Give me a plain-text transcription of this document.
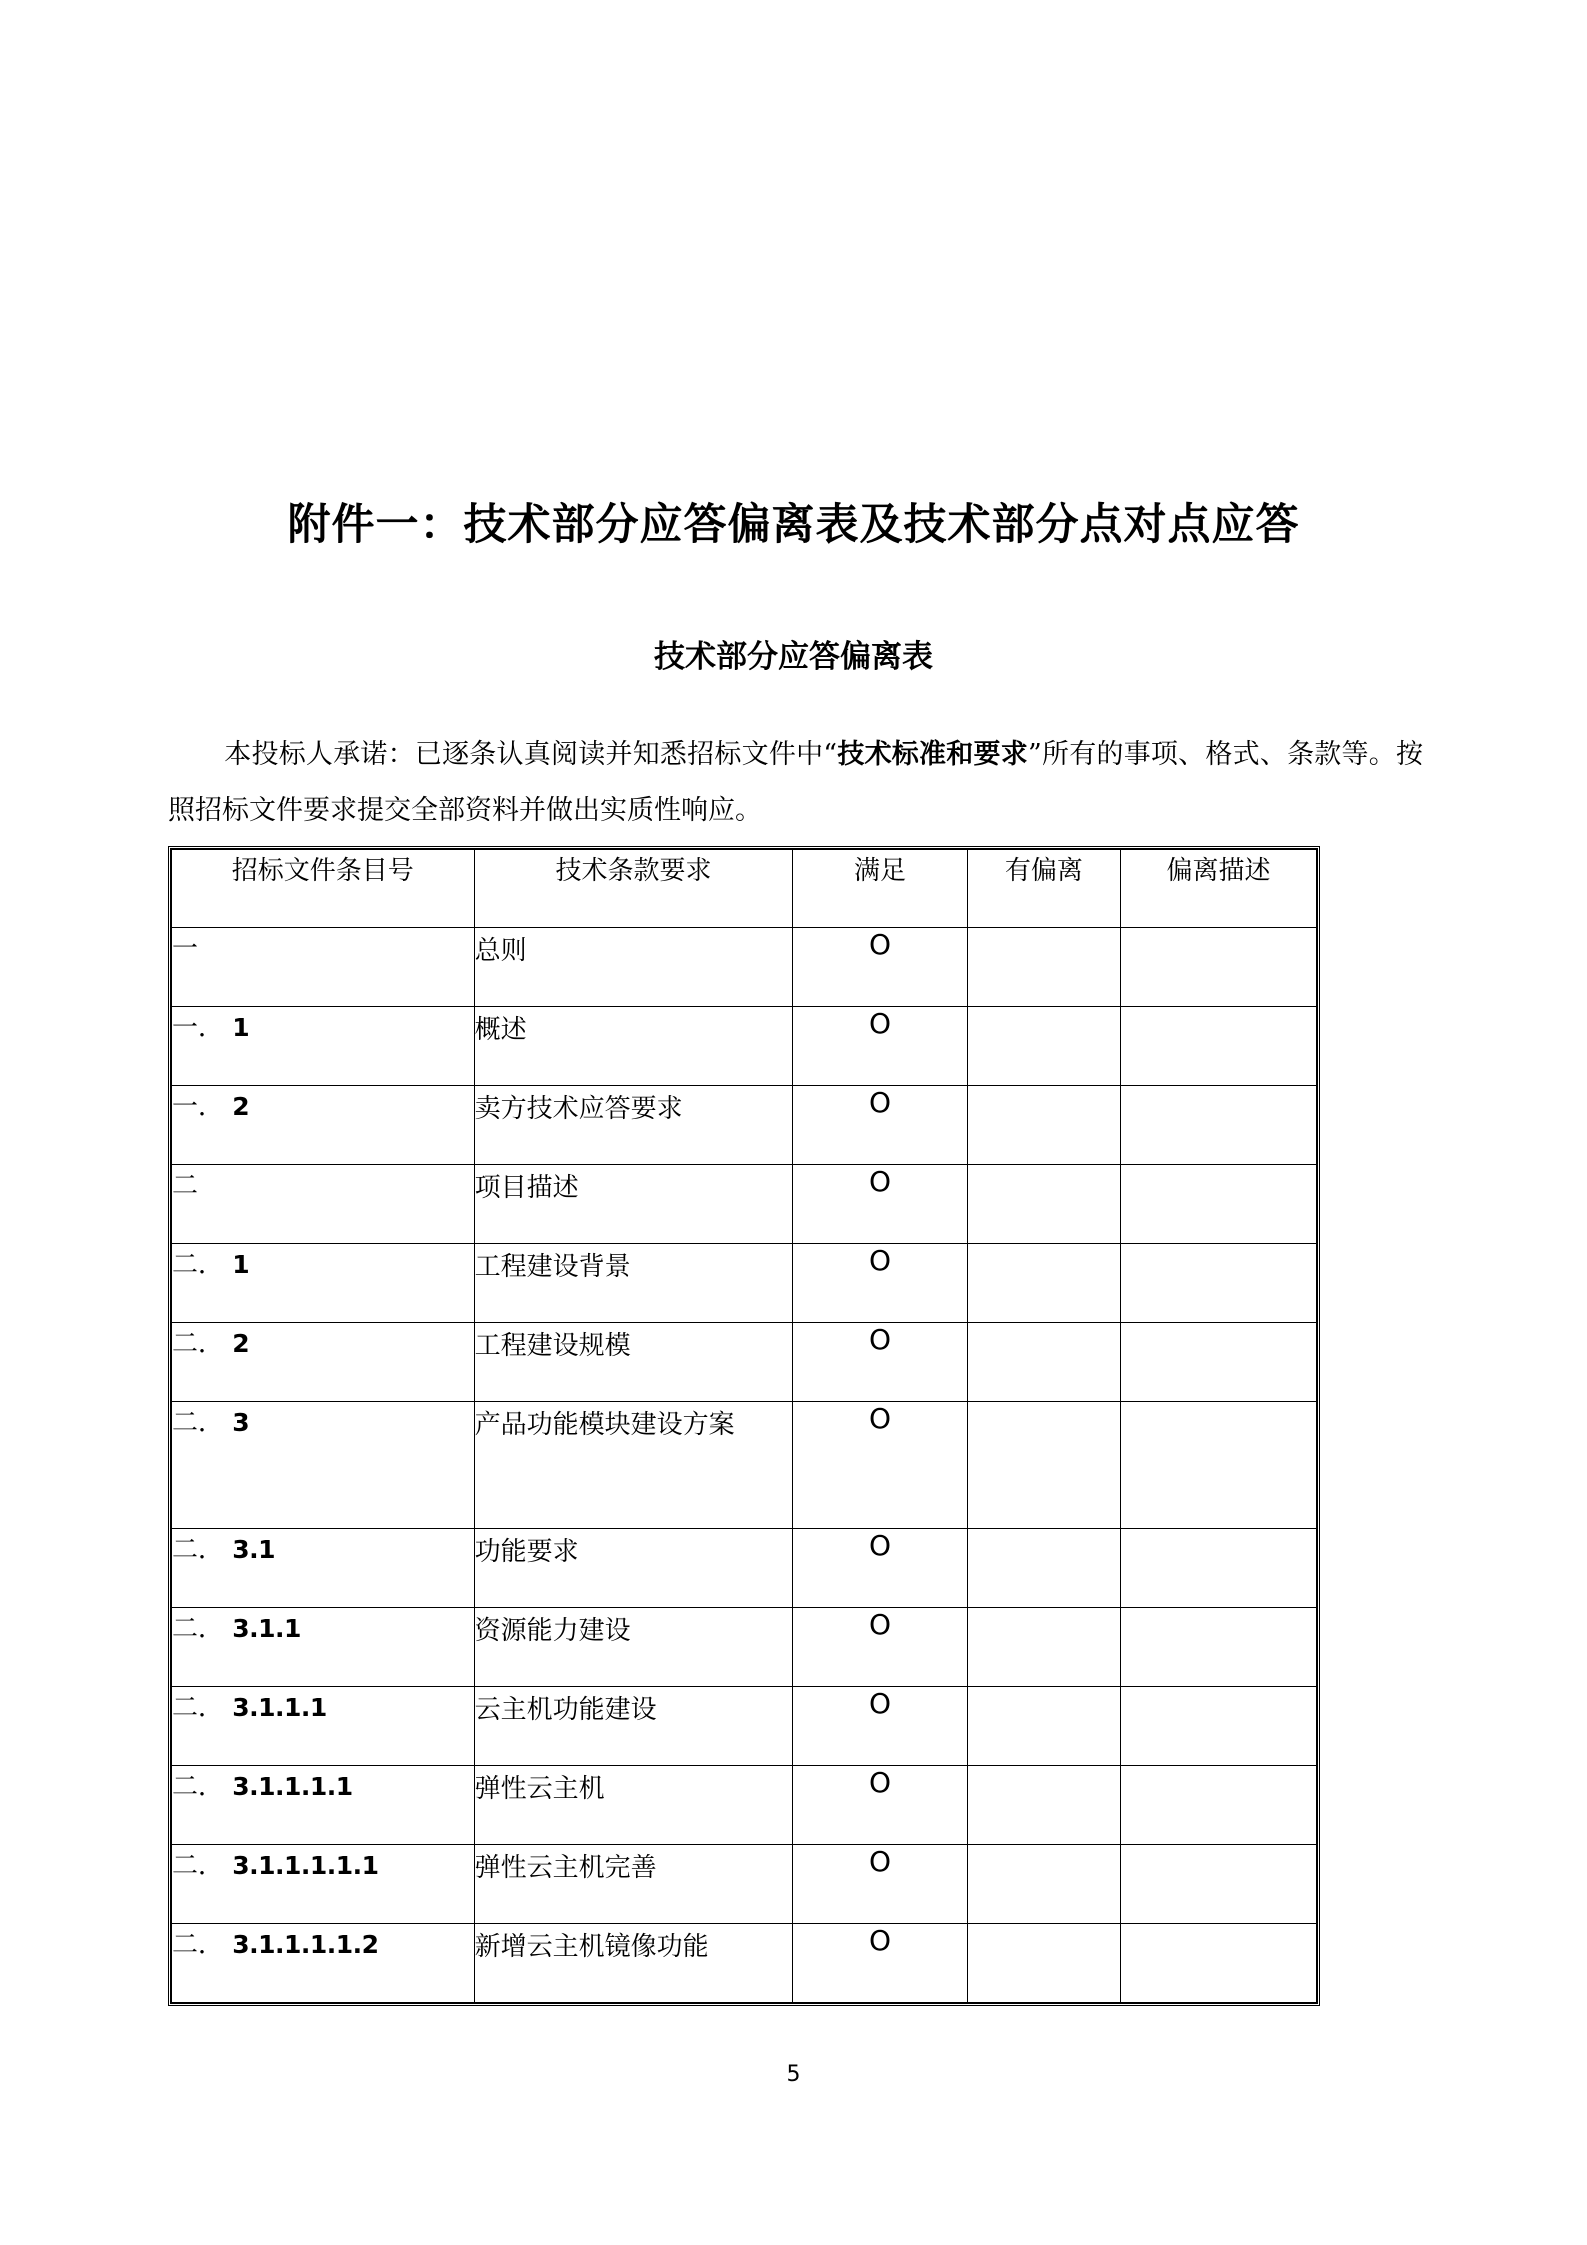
附件一：技术部分应答偏离表及技术部分点对点应答
技术部分应答偏离表

本投标人承诺：已逐条认真阅读并知悉招标文件中“技术标准和要求”所有的事项、格式、条款等。按照招标文件要求提交全部资料并做出实质性响应。

招标文件条目号	技术条款要求	满足	有偏离	偏离描述
一	总则	O		
一． 1	概述	O		
一． 2	卖方技术应答要求	O		
二	项目描述	O		
二． 1	工程建设背景	O		
二． 2	工程建设规模	O		
二． 3	产品功能模块建设方案	O		
二． 3.1	功能要求	O		
二． 3.1.1	资源能力建设	O		
二． 3.1.1.1	云主机功能建设	O		
二． 3.1.1.1.1	弹性云主机	O		
二． 3.1.1.1.1.1	弹性云主机完善	O		
二． 3.1.1.1.1.2	新增云主机镜像功能	O		
5
